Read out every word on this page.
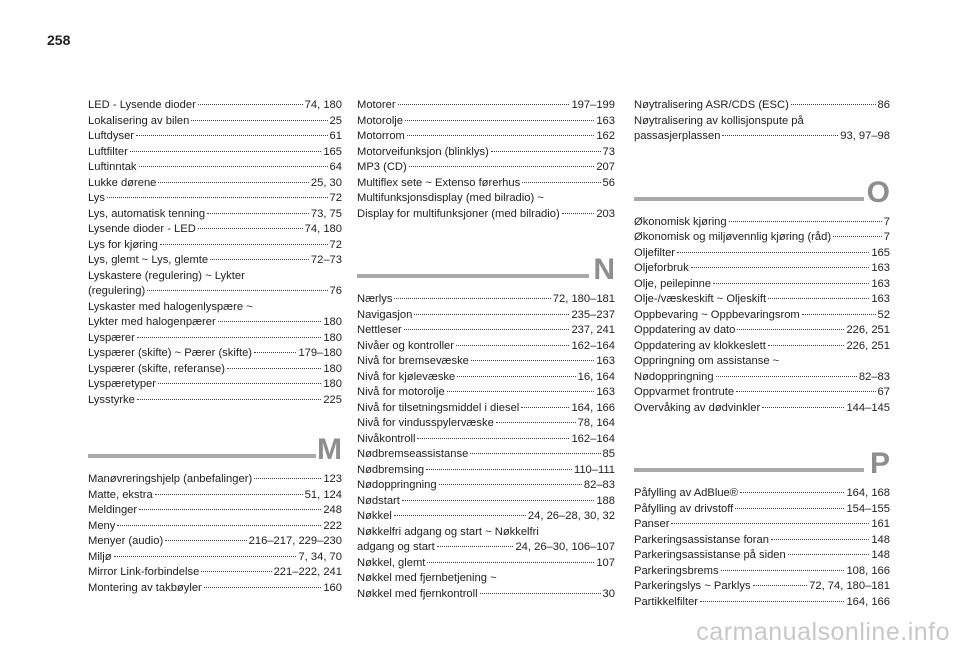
258
LED - Lysende dioder	74, 180
Lokalisering av bilen	25
Luftdyser	61
Luftfilter	165
Luftinntak	64
Lukke dørene	25, 30
Lys	72
Lys, automatisk tenning	73, 75
Lysende dioder - LED	74, 180
Lys for kjøring	72
Lys, glemt ~ Lys, glemte	72–73
Lyskastere (regulering) ~ Lykter
(regulering)	76
Lyskaster med halogenlyspære ~
Lykter med halogenpærer	180
Lyspærer	180
Lyspærer (skifte) ~ Pærer (skifte)	179–180
Lyspærer (skifte, referanse)	180
Lyspæretyper	180
Lysstyrke	225
M
Manøvreringshjelp (anbefalinger)	123
Matte, ekstra	51, 124
Meldinger	248
Meny	222
Menyer (audio)	216–217, 229–230
Miljø	7, 34, 70
Mirror Link-forbindelse	221–222, 241
Montering av takbøyler	160
Motorer	197–199
Motorolje	163
Motorrom	162
Motorveifunksjon (blinklys)	73
MP3 (CD)	207
Multiflex sete ~ Extenso førerhus	56
Multifunksjonsdisplay (med bilradio) ~
Display for multifunksjoner (med bilradio)	203
N
Nærlys	72, 180–181
Navigasjon	235–237
Nettleser	237, 241
Nivåer og kontroller	162–164
Nivå for bremsevæske	163
Nivå for kjølevæske	16, 164
Nivå for motorolje	163
Nivå for tilsetningsmiddel i diesel	164, 166
Nivå for vindusspylervæske	78, 164
Nivåkontroll	162–164
Nødbremseassistanse	85
Nødbremsing	110–111
Nødoppringning	82–83
Nødstart	188
Nøkkel	24, 26–28, 30, 32
Nøkkelfri adgang og start ~ Nøkkelfri
adgang og start	24, 26–30, 106–107
Nøkkel, glemt	107
Nøkkel med fjernbetjening ~
Nøkkel med fjernkontroll	30
Nøytralisering ASR/CDS (ESC)	86
Nøytralisering av kollisjonspute på
passasjerplassen	93, 97–98
O
Økonomisk kjøring	7
Økonomisk og miljøvennlig kjøring (råd)	7
Oljefilter	165
Oljeforbruk	163
Olje, peilepinne	163
Olje-/væskeskift ~ Oljeskift	163
Oppbevaring ~ Oppbevaringsrom	52
Oppdatering av dato	226, 251
Oppdatering av klokkeslett	226, 251
Oppringning om assistanse ~
Nødoppringning	82–83
Oppvarmet frontrute	67
Overvåking av dødvinkler	144–145
P
Påfylling av AdBlue®	164, 168
Påfylling av drivstoff	154–155
Panser	161
Parkeringsassistanse foran	148
Parkeringsassistanse på siden	148
Parkeringsbrems	108, 166
Parkeringslys ~ Parklys	72, 74, 180–181
Partikkelfilter	164, 166
carmanualsonline.info
